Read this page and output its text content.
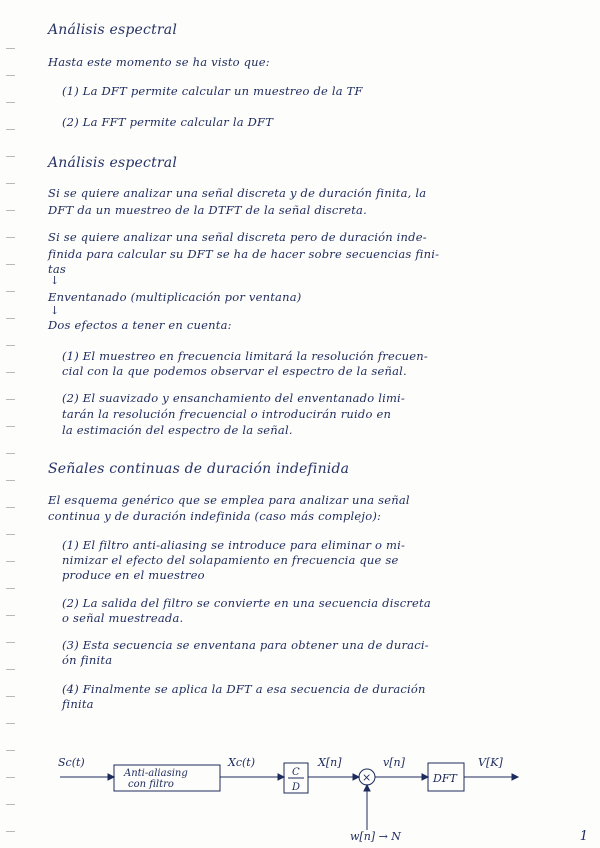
Análisis espectral
Hasta este momento se ha visto que:
(1) La DFT permite calcular un muestreo de la TF
(2) La FFT permite calcular la DFT
Análisis espectral
Si se quiere analizar una señal discreta y de duración finita, la
DFT da un muestreo de la DTFT de la señal discreta.
Si se quiere analizar una señal discreta pero de duración inde-
finida para calcular su DFT se ha de hacer sobre secuencias fini-
tas
↓
Enventanado (multiplicación por ventana)
↓
Dos efectos a tener en cuenta:
(1) El muestreo en frecuencia limitará la resolución frecuen-
cial con la que podemos observar el espectro de la señal.
(2) El suavizado y ensanchamiento del enventanado limi-
tarán la resolución frecuencial o introducirán ruido en
la estimación del espectro de la señal.
Señales continuas de duración indefinida
El esquema genérico que se emplea para analizar una señal
continua y de duración indefinida (caso más complejo):
(1) El filtro anti-aliasing se introduce para eliminar o mi-
nimizar el efecto del solapamiento en frecuencia que se
produce en el muestreo
(2) La salida del filtro se convierte en una secuencia discreta
o señal muestreada.
(3) Esta secuencia se enventana para obtener una de duraci-
ón finita
(4) Finalmente se aplica la DFT a esa secuencia de duración
finita
Sc(t)
Anti-aliasing
con filtro
Xc(t)
C
D
X[n]
×
v[n]
DFT
V[K]
w[n] → N	1
